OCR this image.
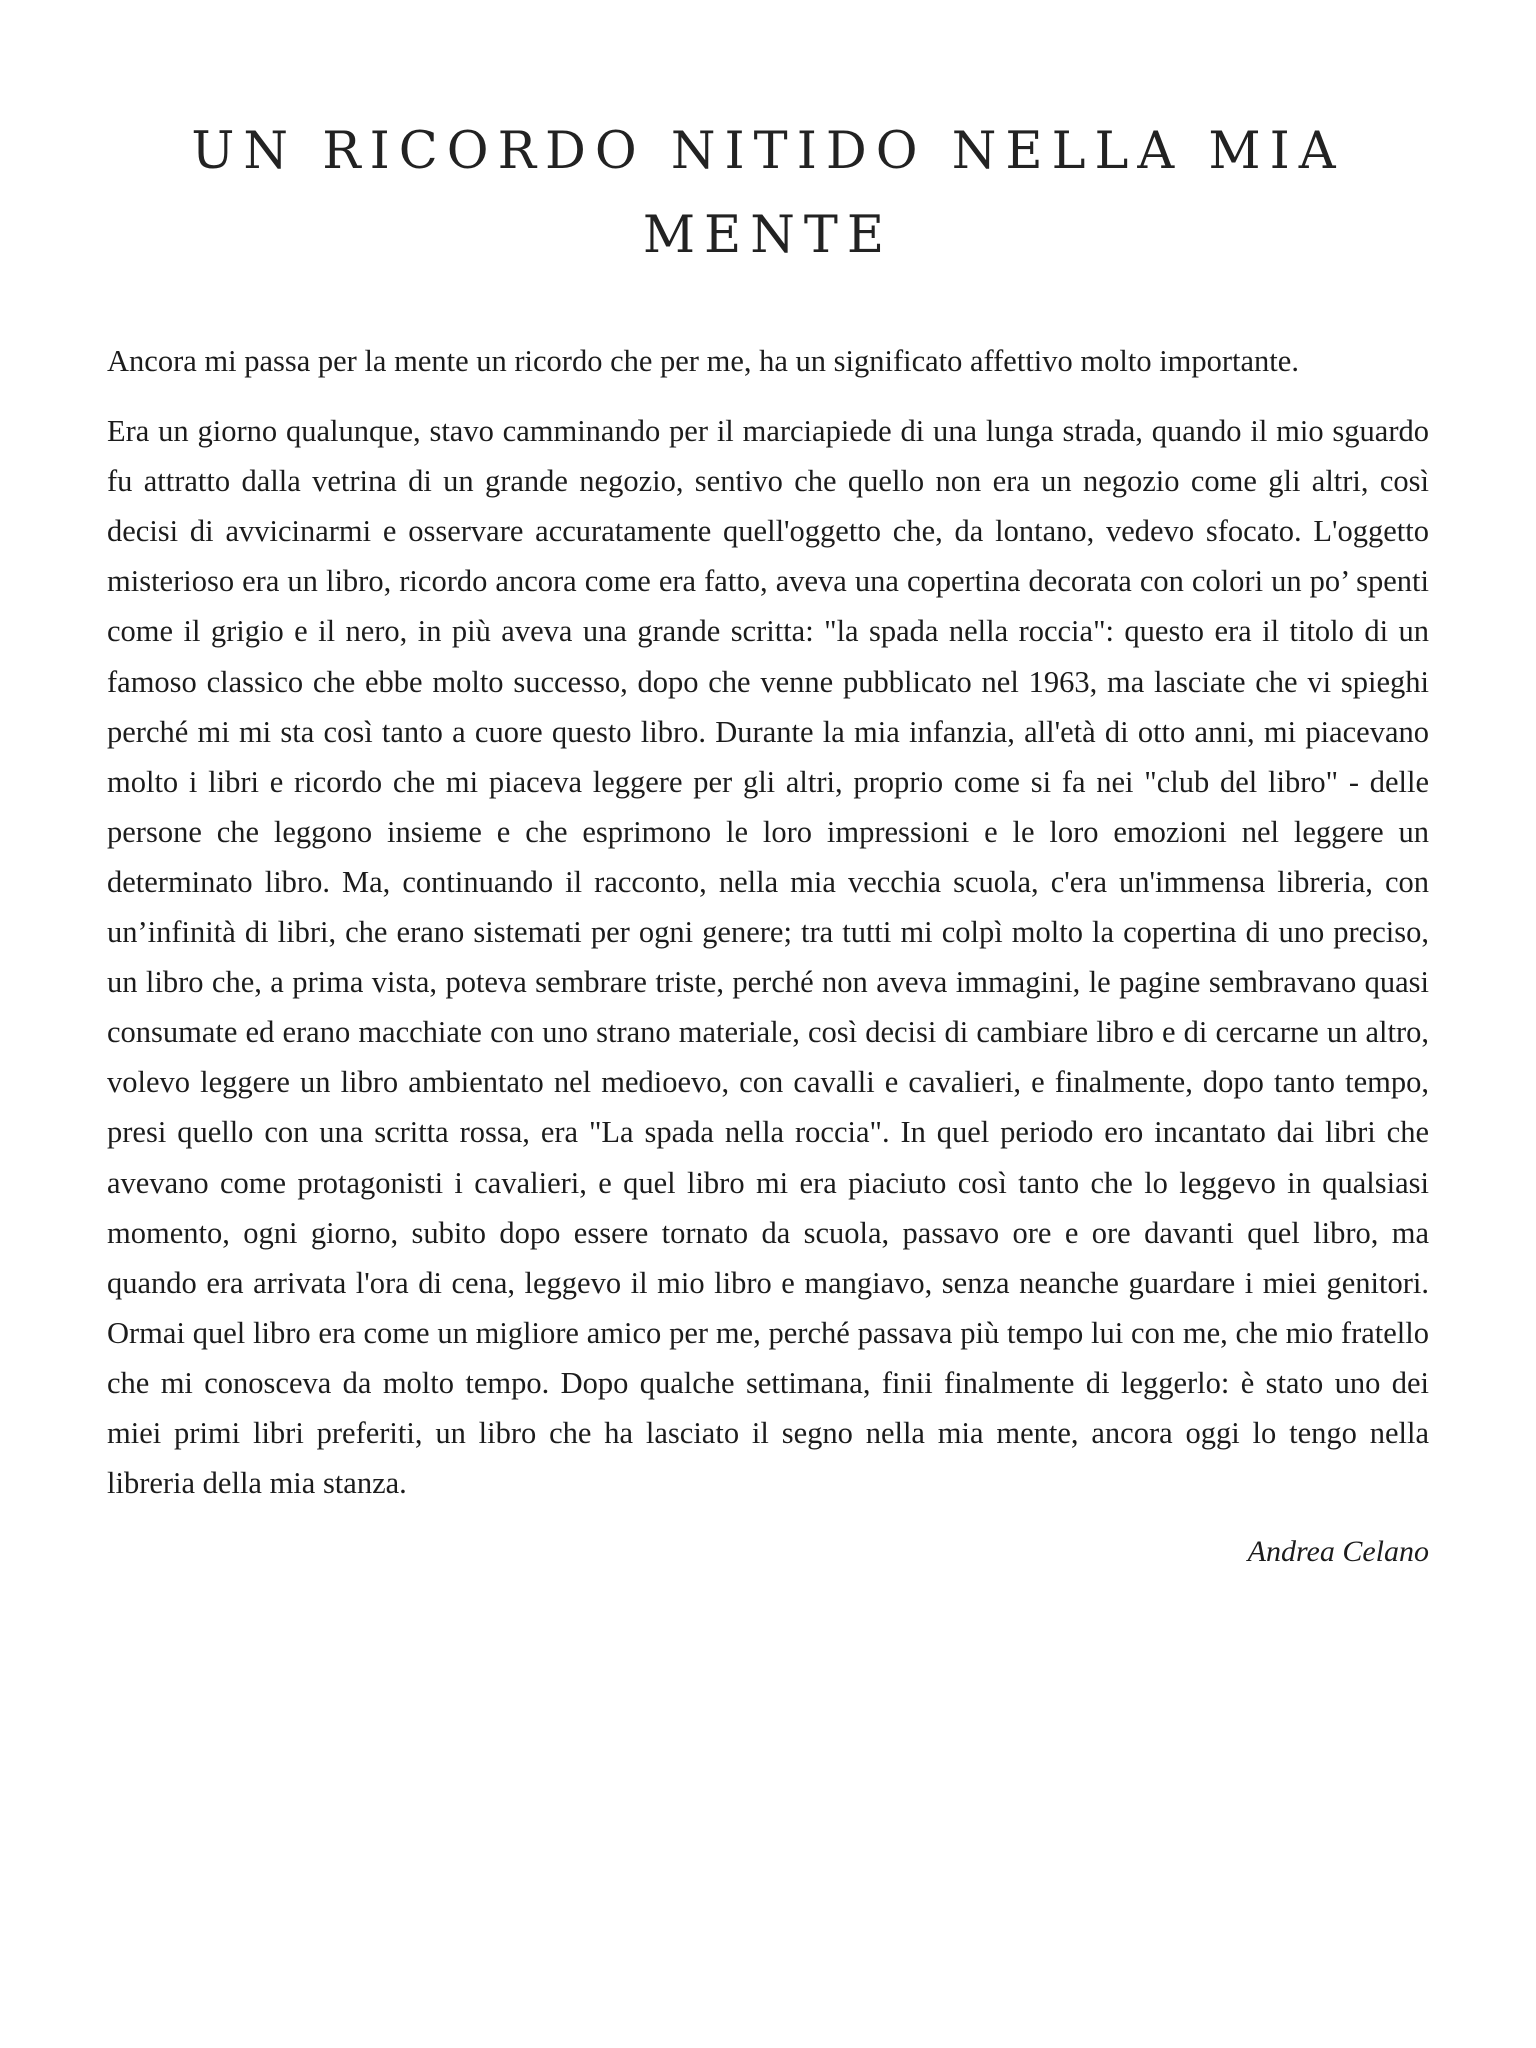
UN RICORDO NITIDO NELLA MIA MENTE

Ancora mi passa per la mente un ricordo che per me, ha un significato affettivo molto importante.

Era un giorno qualunque, stavo camminando per il marciapiede di una lunga strada, quando il mio sguardo fu attratto dalla vetrina di un grande negozio, sentivo che quello non era un negozio come gli altri, così decisi di avvicinarmi e osservare accuratamente quell'oggetto che, da lontano, vedevo sfocato. L'oggetto misterioso era un libro, ricordo ancora come era fatto, aveva una copertina decorata con colori un po’ spenti come il grigio e il nero, in più aveva una grande scritta: "la spada nella roccia": questo era il titolo di un famoso classico che ebbe molto successo, dopo che venne pubblicato nel 1963, ma lasciate che vi spieghi perché mi mi sta così tanto a cuore questo libro. Durante la mia infanzia, all'età di otto anni, mi piacevano molto i libri e ricordo che mi piaceva leggere per gli altri, proprio come si fa nei "club del libro" - delle persone che leggono insieme e che esprimono le loro impressioni e le loro emozioni nel leggere un determinato libro. Ma, continuando il racconto, nella mia vecchia scuola, c'era un'immensa libreria, con un’infinità di libri, che erano sistemati per ogni genere; tra tutti mi colpì molto la copertina di uno preciso, un libro che, a prima vista, poteva sembrare triste, perché non aveva immagini, le pagine sembravano quasi consumate ed erano macchiate con uno strano materiale, così decisi di cambiare libro e di cercarne un altro, volevo leggere un libro ambientato nel medioevo, con cavalli e cavalieri, e finalmente, dopo tanto tempo, presi quello con una scritta rossa, era "La spada nella roccia". In quel periodo ero incantato dai libri che avevano come protagonisti i cavalieri, e quel libro mi era piaciuto così tanto che lo leggevo in qualsiasi momento, ogni giorno, subito dopo essere tornato da scuola, passavo ore e ore davanti quel libro, ma quando era arrivata l'ora di cena, leggevo il mio libro e mangiavo, senza neanche guardare i miei genitori. Ormai quel libro era come un migliore amico per me, perché passava più tempo lui con me, che mio fratello che mi conosceva da molto tempo. Dopo qualche settimana, finii finalmente di leggerlo: è stato uno dei miei primi libri preferiti, un libro che ha lasciato il segno nella mia mente, ancora oggi lo tengo nella libreria della mia stanza.

Andrea Celano
